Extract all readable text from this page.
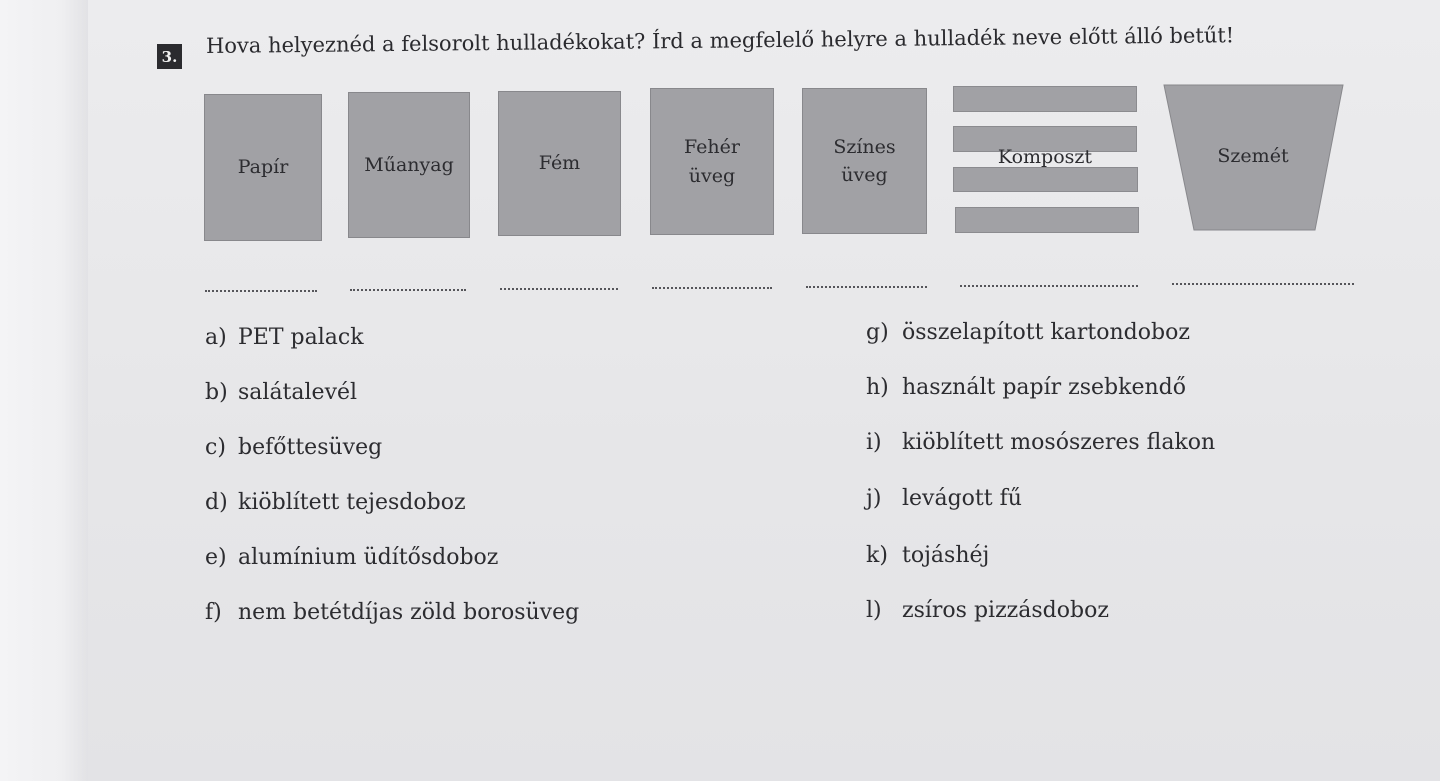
3. Hova helyeznéd a felsorolt hulladékokat? Írd a megfelelő helyre a hulladék neve előtt álló betűt!
Papír	Műanyag	Fém
Fehér
üveg
Színes
üveg
Komposzt	Szemét
a) PET palack
b) salátalevél
c) befőttesüveg
d) kiöblített tejesdoboz
e) alumínium üdítősdoboz
f) nem betétdíjas zöld borosüveg
g) összelapított kartondoboz
h) használt papír zsebkendő
i) kiöblített mosószeres flakon
j) levágott fű
k) tojáshéj
l) zsíros pizzásdoboz
